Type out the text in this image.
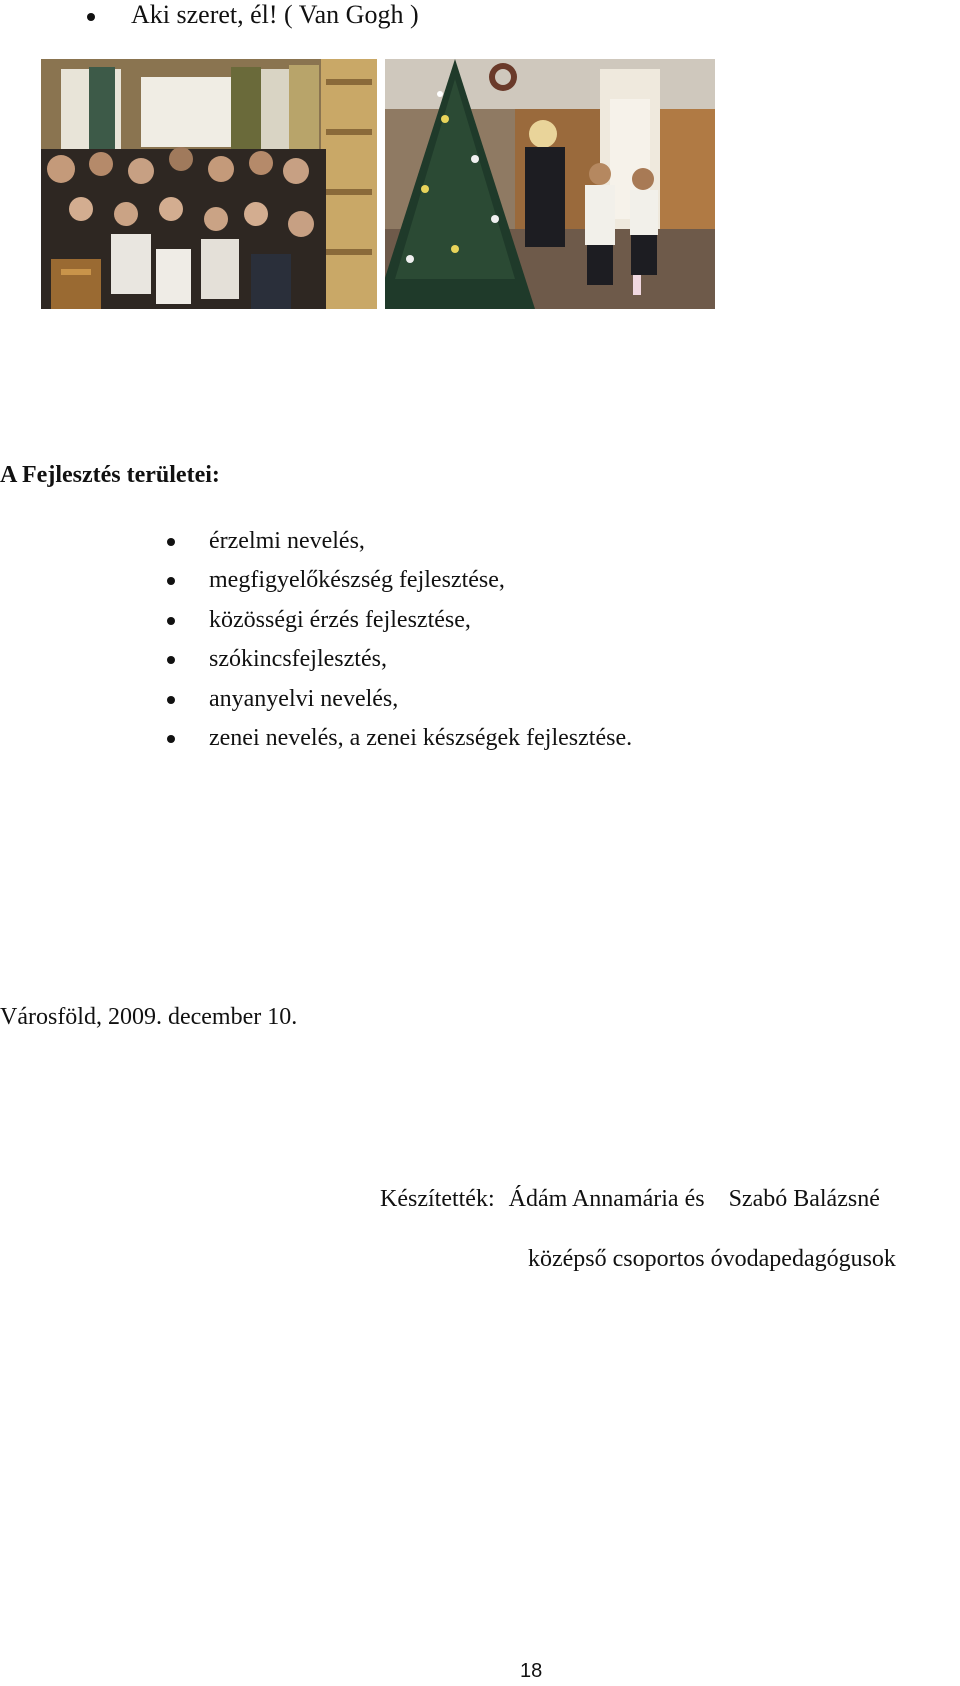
Aki szeret, él! ( Van Gogh )
A Fejlesztés területei:
érzelmi nevelés,
megfigyelőkészség fejlesztése,
közösségi érzés fejlesztése,
szókincsfejlesztés,
anyanyelvi nevelés,
zenei nevelés, a zenei készségek fejlesztése.
Városföld, 2009. december 10.
Készítették: Ádám Annamária és Szabó Balázsné
középső csoportos óvodapedagógusok
18
